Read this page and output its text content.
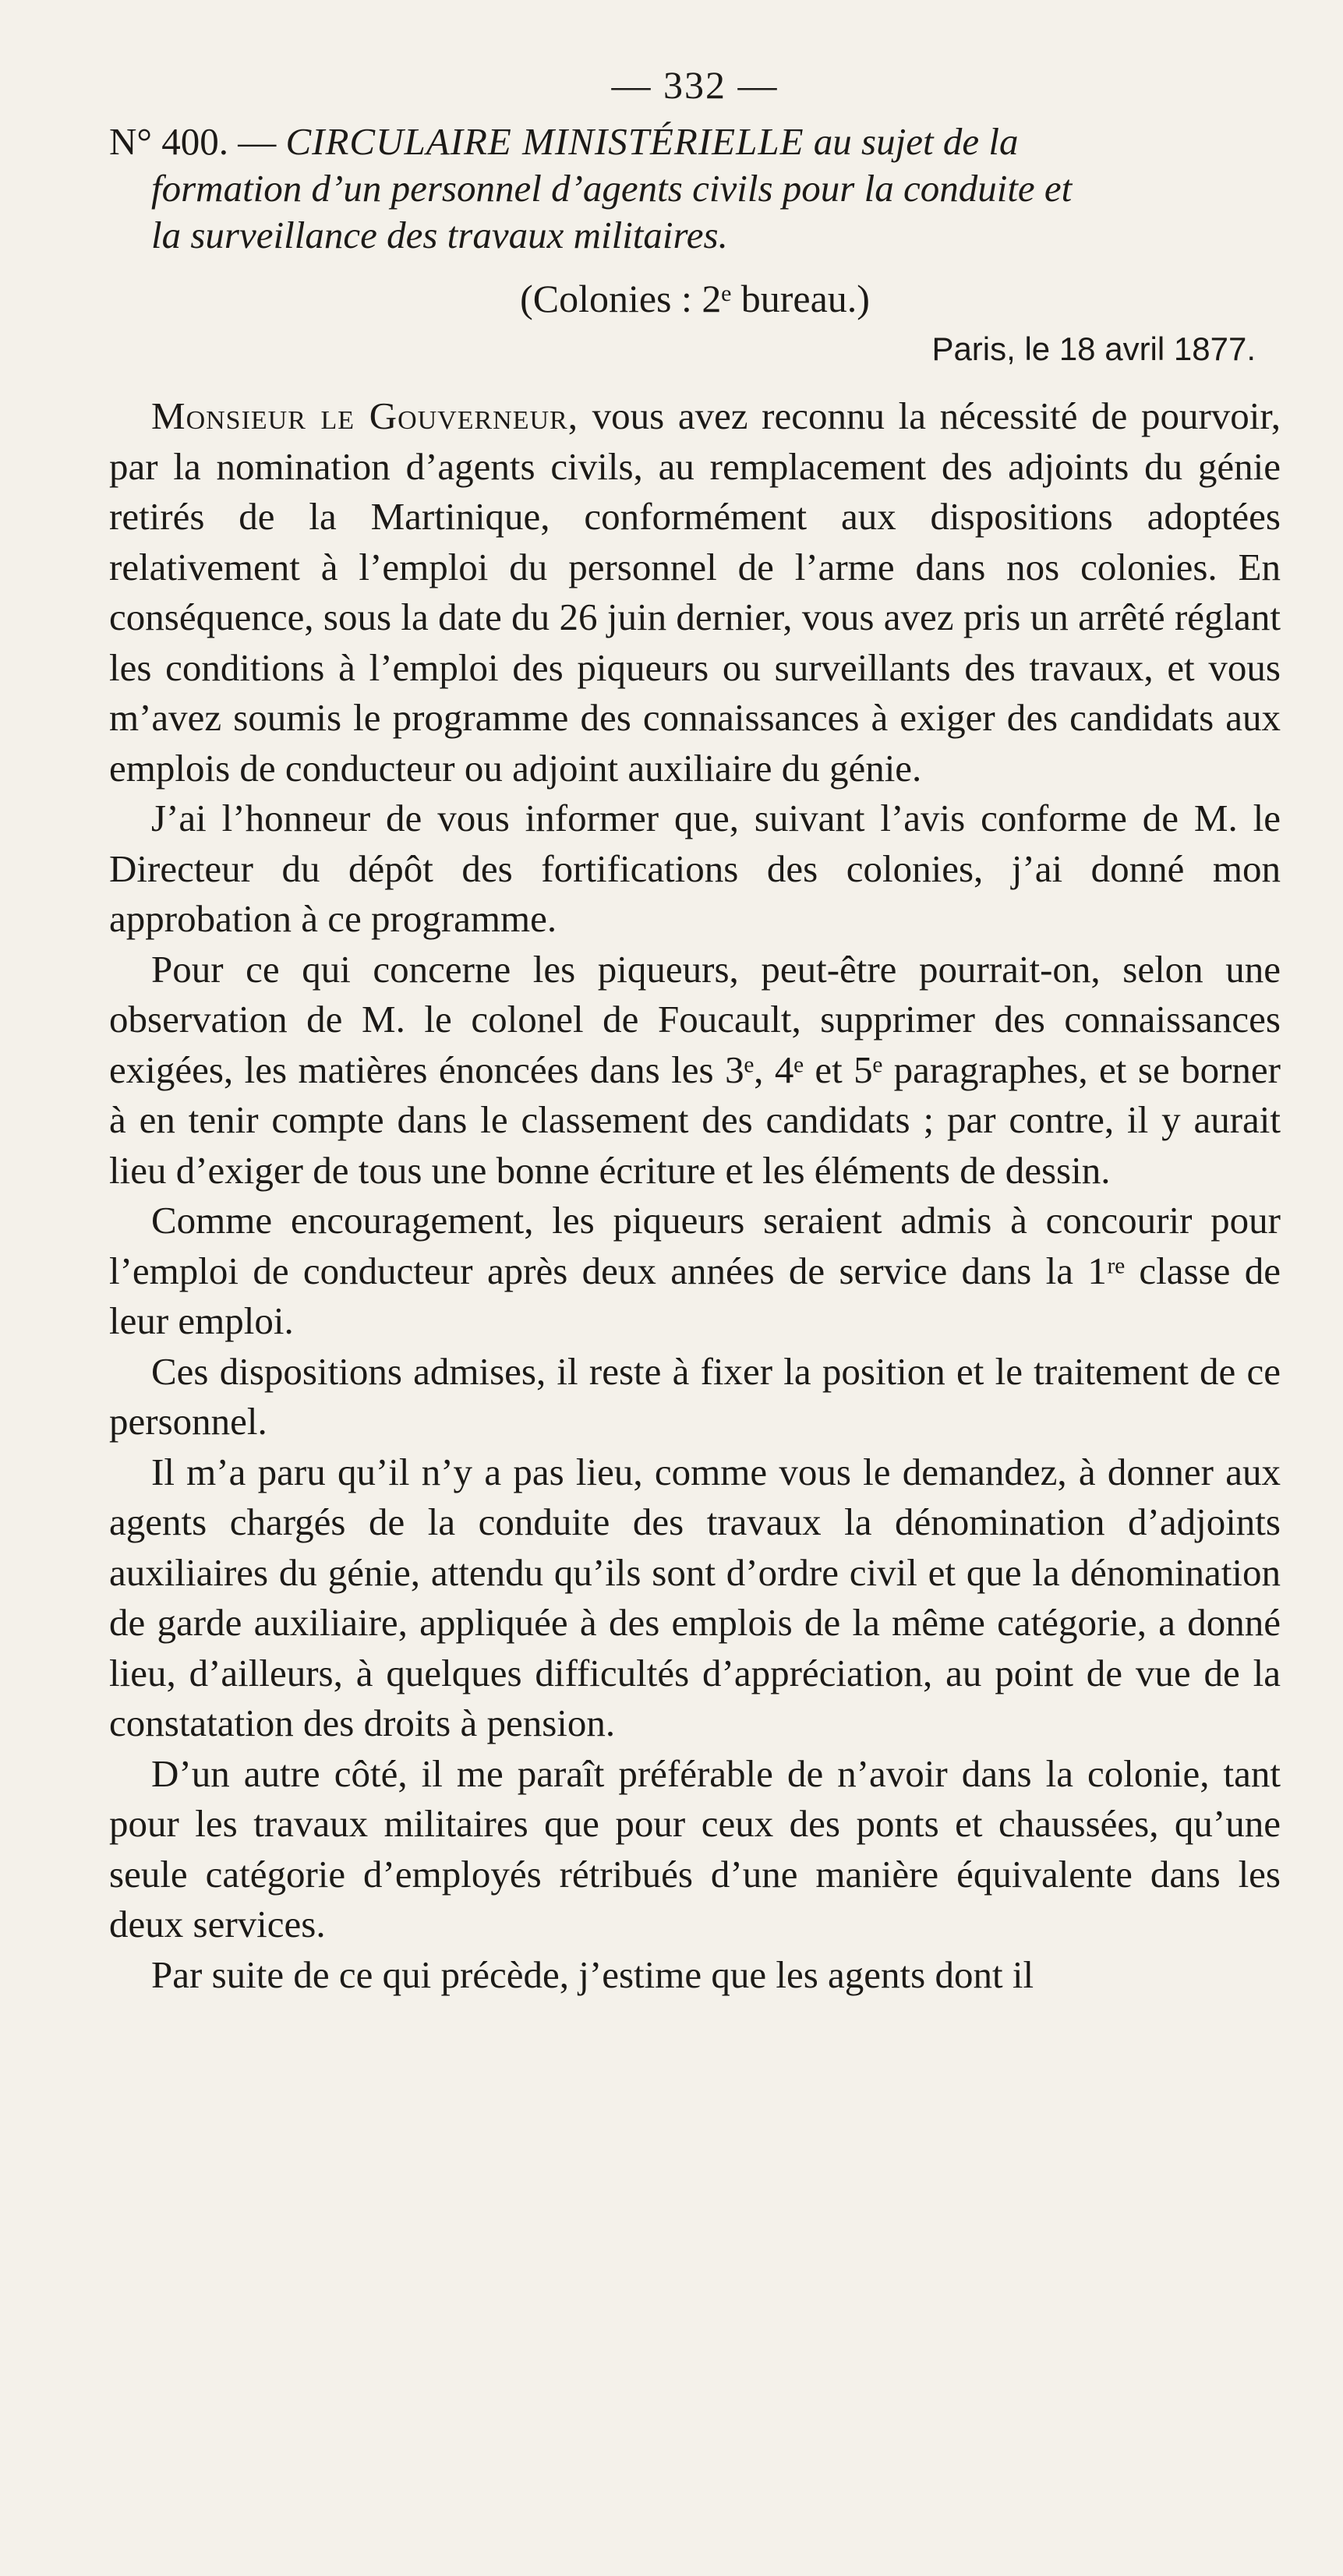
— 332 —

N° 400. — CIRCULAIRE MINISTÉRIELLE au sujet de la
formation d’un personnel d’agents civils pour la conduite et
la surveillance des travaux militaires.

(Colonies : 2ᵉ bureau.)
Paris, le 18 avril 1877.

Monsieur le Gouverneur, vous avez reconnu la nécessité de pourvoir, par la nomination d’agents civils, au remplacement des adjoints du génie retirés de la Martinique, conformément aux dispositions adoptées relativement à l’emploi du personnel de l’arme dans nos colonies. En conséquence, sous la date du 26 juin dernier, vous avez pris un arrêté réglant les conditions à l’emploi des piqueurs ou surveillants des travaux, et vous m’avez soumis le programme des connaissances à exiger des candidats aux emplois de conducteur ou adjoint auxiliaire du génie.

J’ai l’honneur de vous informer que, suivant l’avis conforme de M. le Directeur du dépôt des fortifications des colonies, j’ai donné mon approbation à ce programme.

Pour ce qui concerne les piqueurs, peut-être pourrait-on, selon une observation de M. le colonel de Foucault, supprimer des connaissances exigées, les matières énoncées dans les 3ᵉ, 4ᵉ et 5ᵉ paragraphes, et se borner à en tenir compte dans le classement des candidats ; par contre, il y aurait lieu d’exiger de tous une bonne écriture et les éléments de dessin.

Comme encouragement, les piqueurs seraient admis à concourir pour l’emploi de conducteur après deux années de service dans la 1ʳᵉ classe de leur emploi.

Ces dispositions admises, il reste à fixer la position et le traitement de ce personnel.

Il m’a paru qu’il n’y a pas lieu, comme vous le demandez, à donner aux agents chargés de la conduite des travaux la dénomination d’adjoints auxiliaires du génie, attendu qu’ils sont d’ordre civil et que la dénomination de garde auxiliaire, appliquée à des emplois de la même catégorie, a donné lieu, d’ailleurs, à quelques difficultés d’appréciation, au point de vue de la constatation des droits à pension.

D’un autre côté, il me paraît préférable de n’avoir dans la colonie, tant pour les travaux militaires que pour ceux des ponts et chaussées, qu’une seule catégorie d’employés rétribués d’une manière équivalente dans les deux services.

Par suite de ce qui précède, j’estime que les agents dont il
